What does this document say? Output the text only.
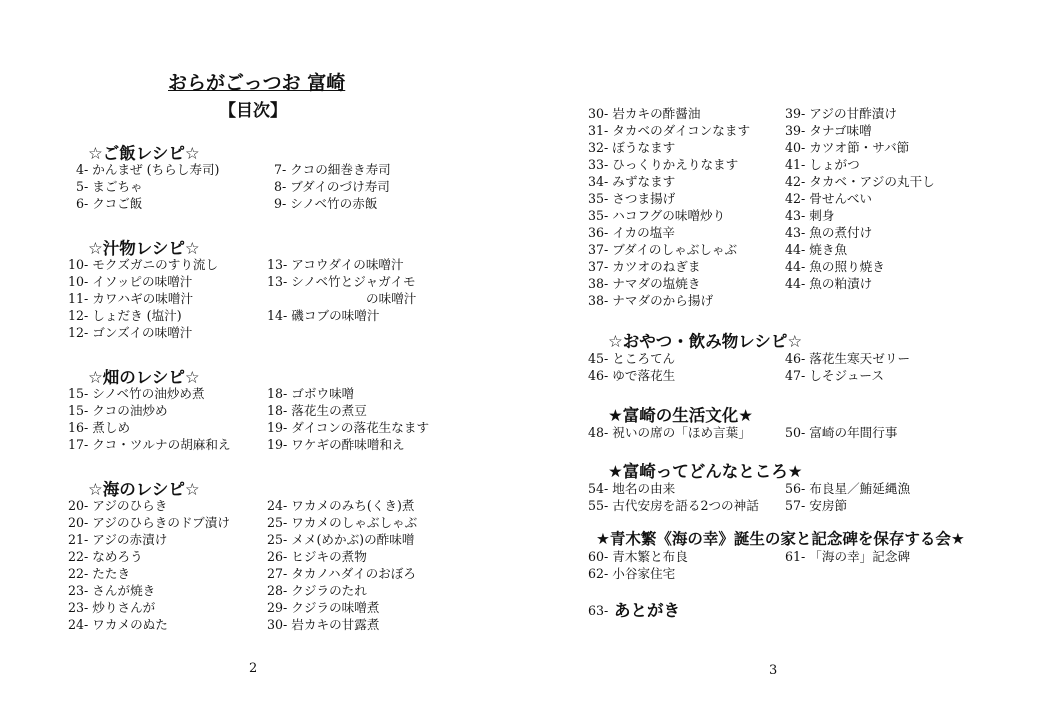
おらがごっつお 富崎
【目次】
☆ご飯レシピ☆
4- かんまぜ (ちらし寿司)
5- まごちゃ
6- クコご飯
7- クコの細巻き寿司
8- ブダイのづけ寿司
9- シノベ竹の赤飯
☆汁物レシピ☆
10- モクズガニのすり流し
10- イソッピの味噌汁
11- カワハギの味噌汁
12- しょだき (塩汁)
12- ゴンズイの味噌汁
13- アコウダイの味噌汁
13- シノベ竹とジャガイモ
の味噌汁
14- 磯コブの味噌汁
☆畑のレシピ☆
15- シノベ竹の油炒め煮
15- クコの油炒め
16- 煮しめ
17- クコ・ツルナの胡麻和え
18- ゴボウ味噌
18- 落花生の煮豆
19- ダイコンの落花生なます
19- ワケギの酢味噌和え
☆海のレシピ☆
20- アジのひらき
20- アジのひらきのドブ漬け
21- アジの赤漬け
22- なめろう
22- たたき
23- さんが焼き
23- 炒りさんが
24- ワカメのぬた
24- ワカメのみち(くき)煮
25- ワカメのしゃぶしゃぶ
25- メメ(めかぶ)の酢味噌
26- ヒジキの煮物
27- タカノハダイのおぼろ
28- クジラのたれ
29- クジラの味噌煮
30- 岩カキの甘露煮
2
30- 岩カキの酢醤油
31- タカベのダイコンなます
32- ぼうなます
33- ひっくりかえりなます
34- みずなます
35- さつま揚げ
35- ハコフグの味噌炒り
36- イカの塩辛
37- ブダイのしゃぶしゃぶ
37- カツオのねぎま
38- ナマダの塩焼き
38- ナマダのから揚げ
39- アジの甘酢漬け
39- タナゴ味噌
40- カツオ節・サバ節
41- しょがつ
42- タカベ・アジの丸干し
42- 骨せんべい
43- 刺身
43- 魚の煮付け
44- 焼き魚
44- 魚の照り焼き
44- 魚の粕漬け
☆おやつ・飲み物レシピ☆
45- ところてん
46- ゆで落花生
46- 落花生寒天ゼリー
47- しそジュース
★富崎の生活文化★
48- 祝いの席の「ほめ言葉」	50- 富崎の年間行事
★富崎ってどんなところ★
54- 地名の由来
55- 古代安房を語る2つの神話
56- 布良星／鮪延縄漁
57- 安房節
★青木繁《海の幸》誕生の家と記念碑を保存する会★
60- 青木繁と布良
62- 小谷家住宅
61- 「海の幸」記念碑
63- あとがき
3
